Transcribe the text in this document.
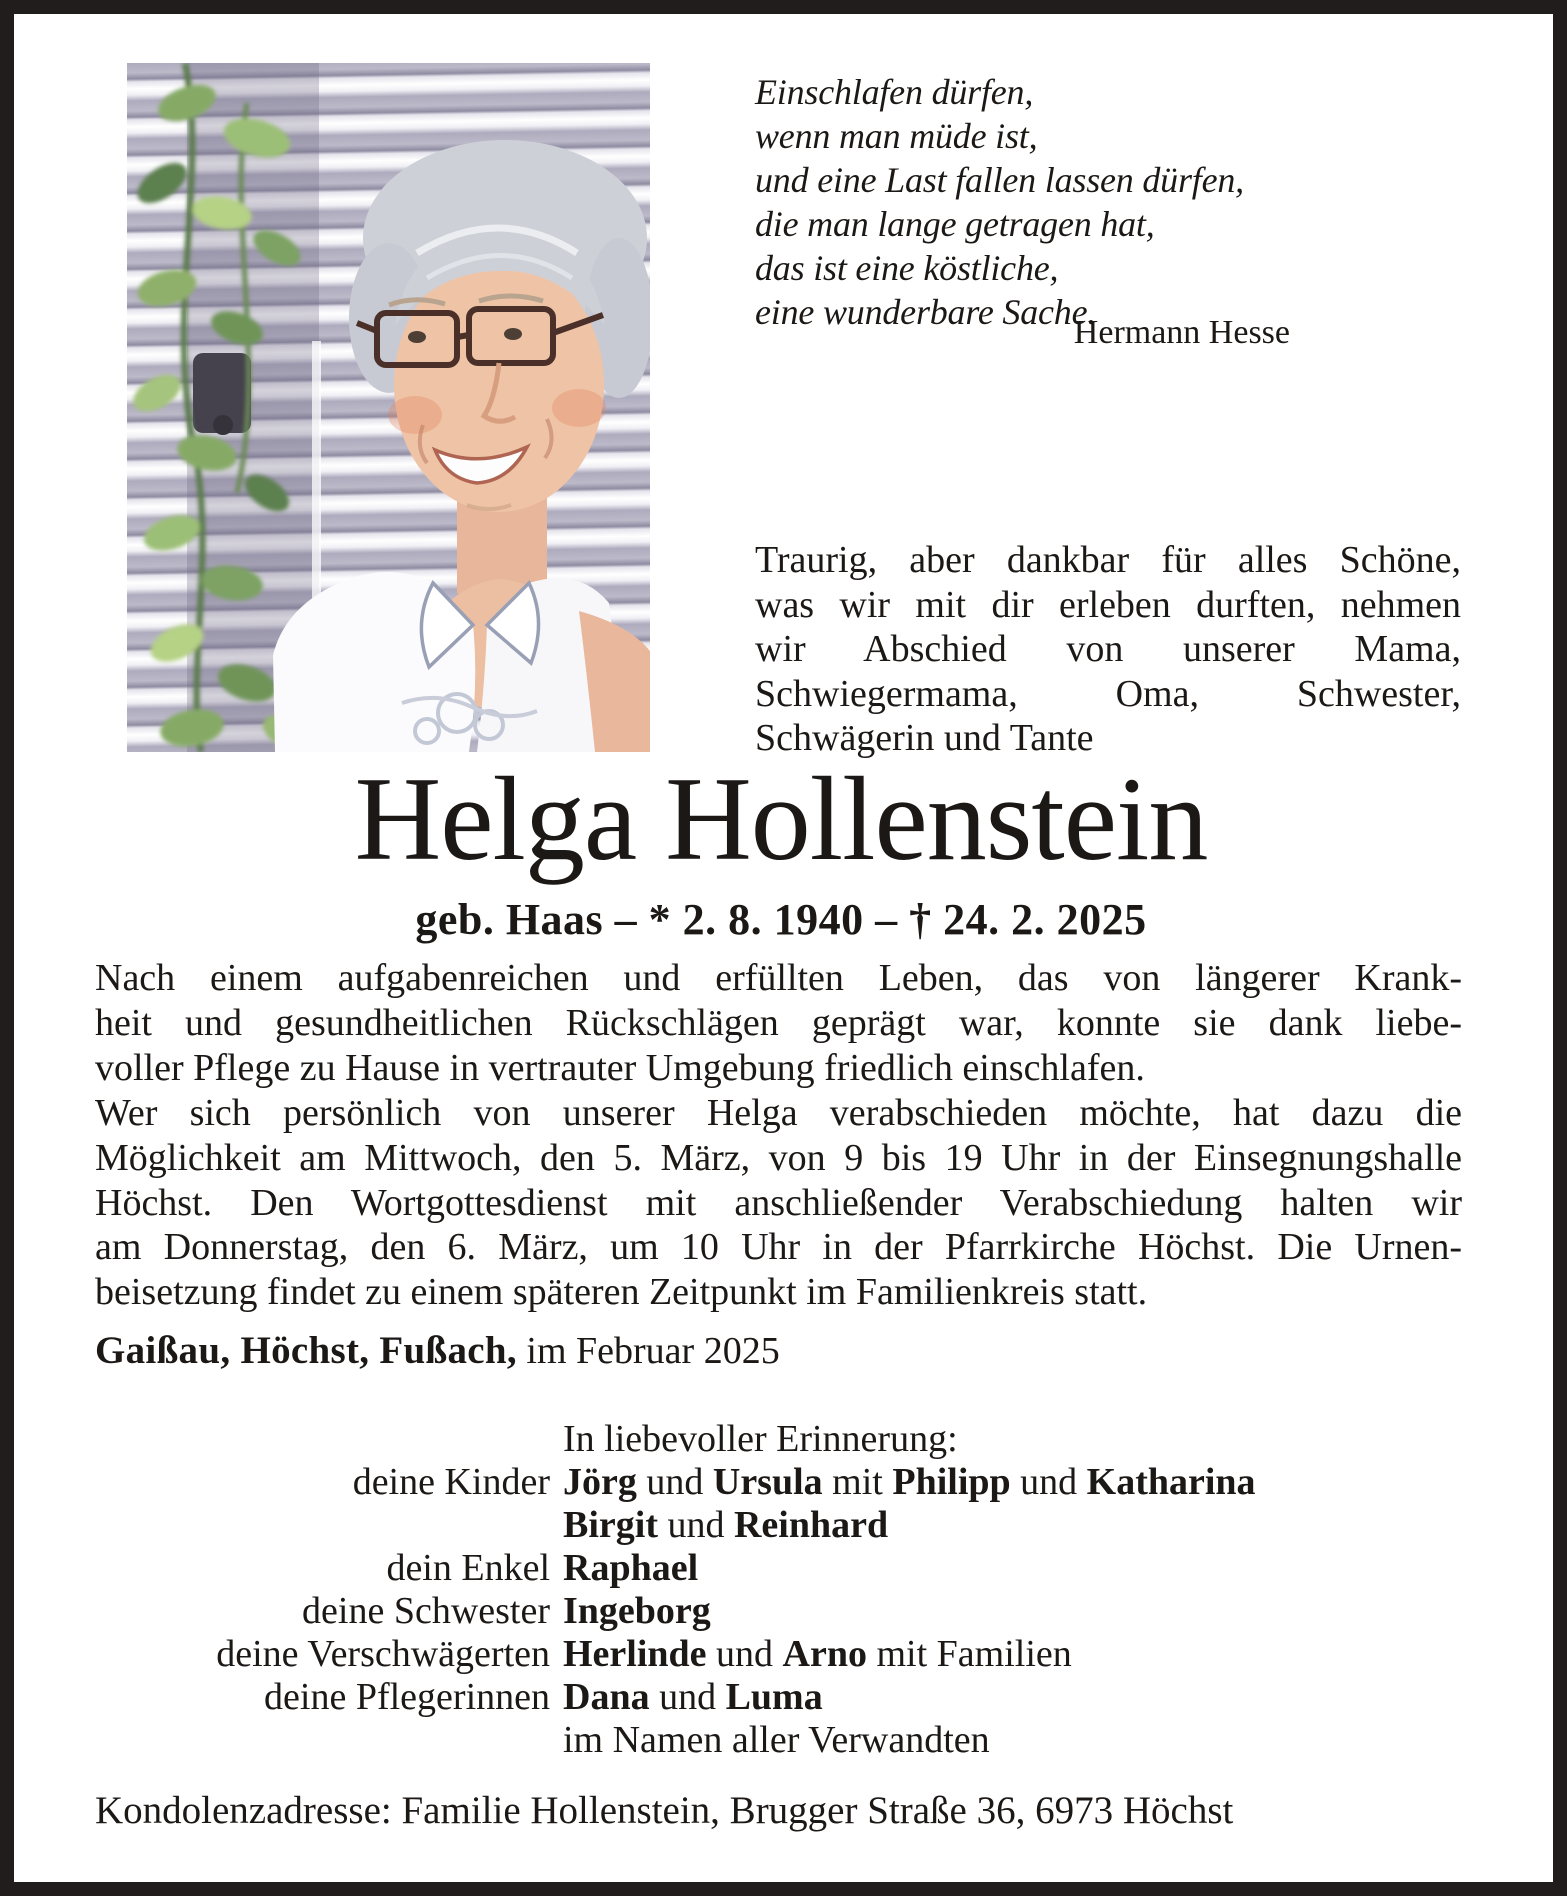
Einschlafen dürfen,
wenn man müde ist,
und eine Last fallen lassen dürfen,
die man lange getragen hat,
das ist eine köstliche,
eine wunderbare Sache.
Hermann Hesse
Traurig, aber dankbar für alles Schöne,
was wir mit dir erleben durften, nehmen
wir Abschied von unserer Mama,
Schwiegermama, Oma, Schwester,
Schwägerin und Tante
Helga Hollenstein
geb. Haas – * 2. 8. 1940 – † 24. 2. 2025
Nach einem aufgabenreichen und erfüllten Leben, das von längerer Krank-
heit und gesundheitlichen Rückschlägen geprägt war, konnte sie dank liebe-
voller Pflege zu Hause in vertrauter Umgebung friedlich einschlafen.
Wer sich persönlich von unserer Helga verabschieden möchte, hat dazu die
Möglichkeit am Mittwoch, den 5. März, von 9 bis 19 Uhr in der Einsegnungshalle
Höchst. Den Wortgottesdienst mit anschließender Verabschiedung halten wir
am Donnerstag, den 6. März, um 10 Uhr in der Pfarrkirche Höchst. Die Urnen-
beisetzung findet zu einem späteren Zeitpunkt im Familienkreis statt.
Gaißau, Höchst, Fußach, im Februar 2025
In liebevoller Erinnerung:
deine Kinder Jörg und Ursula mit Philipp und Katharina
Birgit und Reinhard
dein Enkel Raphael
deine Schwester Ingeborg
deine Verschwägerten Herlinde und Arno mit Familien
deine Pflegerinnen Dana und Luma
im Namen aller Verwandten
Kondolenzadresse: Familie Hollenstein, Brugger Straße 36, 6973 Höchst
